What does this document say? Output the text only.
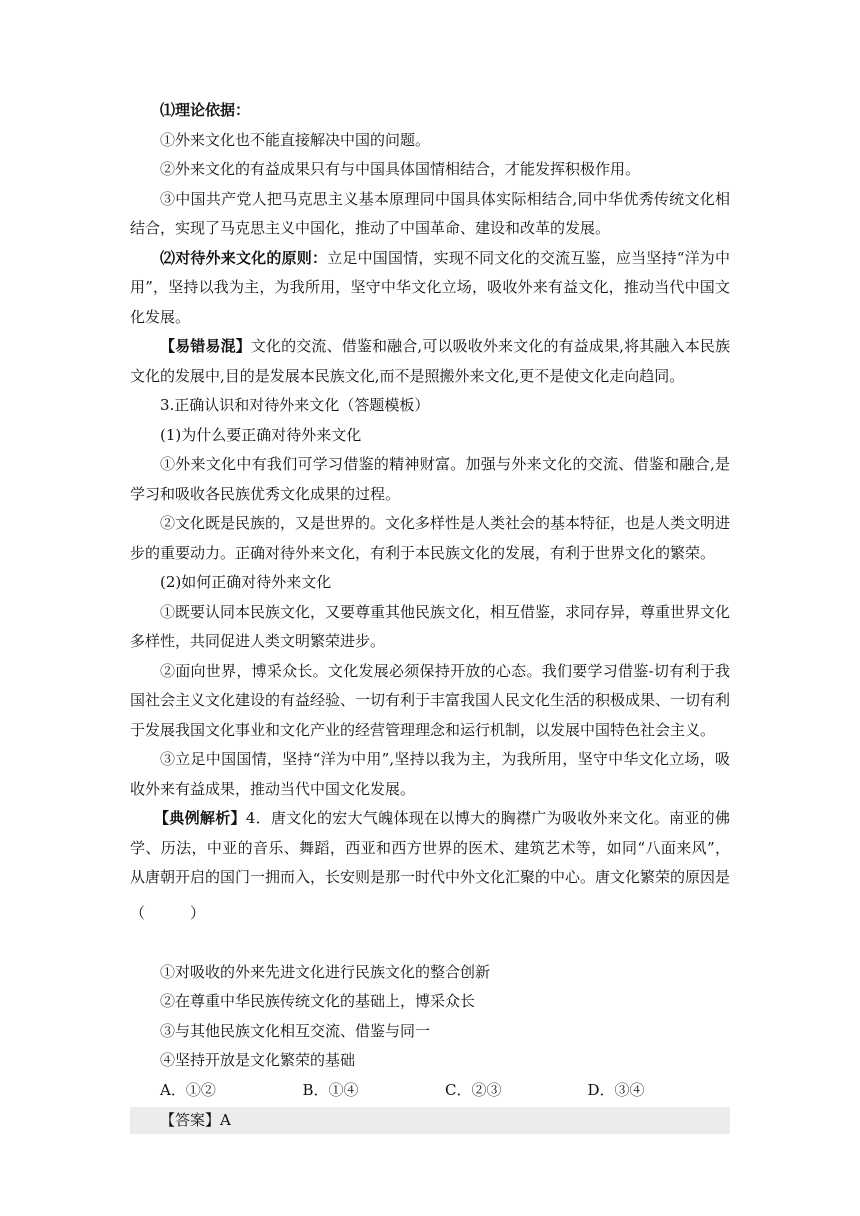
⑴理论依据：

①外来文化也不能直接解决中国的问题。

②外来文化的有益成果只有与中国具体国情相结合，才能发挥积极作用。

③中国共产党人把马克思主义基本原理同中国具体实际相结合,同中华优秀传统文化相结合，实现了马克思主义中国化，推动了中国革命、建设和改革的发展。

⑵对待外来文化的原则：立足中国国情，实现不同文化的交流互鉴，应当坚持“洋为中用”，坚持以我为主，为我所用，坚守中华文化立场，吸收外来有益文化，推动当代中国文化发展。

【易错易混】文化的交流、借鉴和融合,可以吸收外来文化的有益成果,将其融入本民族文化的发展中,目的是发展本民族文化,而不是照搬外来文化,更不是使文化走向趋同。

3.正确认识和对待外来文化（答题模板）

(1)为什么要正确对待外来文化

①外来文化中有我们可学习借鉴的精神财富。加强与外来文化的交流、借鉴和融合,是学习和吸收各民族优秀文化成果的过程。

②文化既是民族的，又是世界的。文化多样性是人类社会的基本特征，也是人类文明进步的重要动力。正确对待外来文化，有利于本民族文化的发展，有利于世界文化的繁荣。

(2)如何正确对待外来文化

①既要认同本民族文化，又要尊重其他民族文化，相互借鉴，求同存异，尊重世界文化多样性，共同促进人类文明繁荣进步。

②面向世界，博采众长。文化发展必须保持开放的心态。我们要学习借鉴-切有利于我国社会主义文化建设的有益经验、一切有利于丰富我国人民文化生活的积极成果、一切有利于发展我国文化事业和文化产业的经营管理理念和运行机制，以发展中国特色社会主义。

③立足中国国情，坚持“洋为中用”,坚持以我为主，为我所用，坚守中华文化立场，吸收外来有益成果，推动当代中国文化发展。

【典例解析】4．唐文化的宏大气魄体现在以博大的胸襟广为吸收外来文化。南亚的佛学、历法，中亚的音乐、舞蹈，西亚和西方世界的医术、建筑艺术等，如同“八面来风”，从唐朝开启的国门一拥而入，长安则是那一时代中外文化汇聚的中心。唐文化繁荣的原因是

（　　　）

①对吸收的外来先进文化进行民族文化的整合创新

②在尊重中华民族传统文化的基础上，博采众长

③与其他民族文化相互交流、借鉴与同一

④坚持开放是文化繁荣的基础

A．①②	B．①④	C．②③	D．③④
【答案】A
